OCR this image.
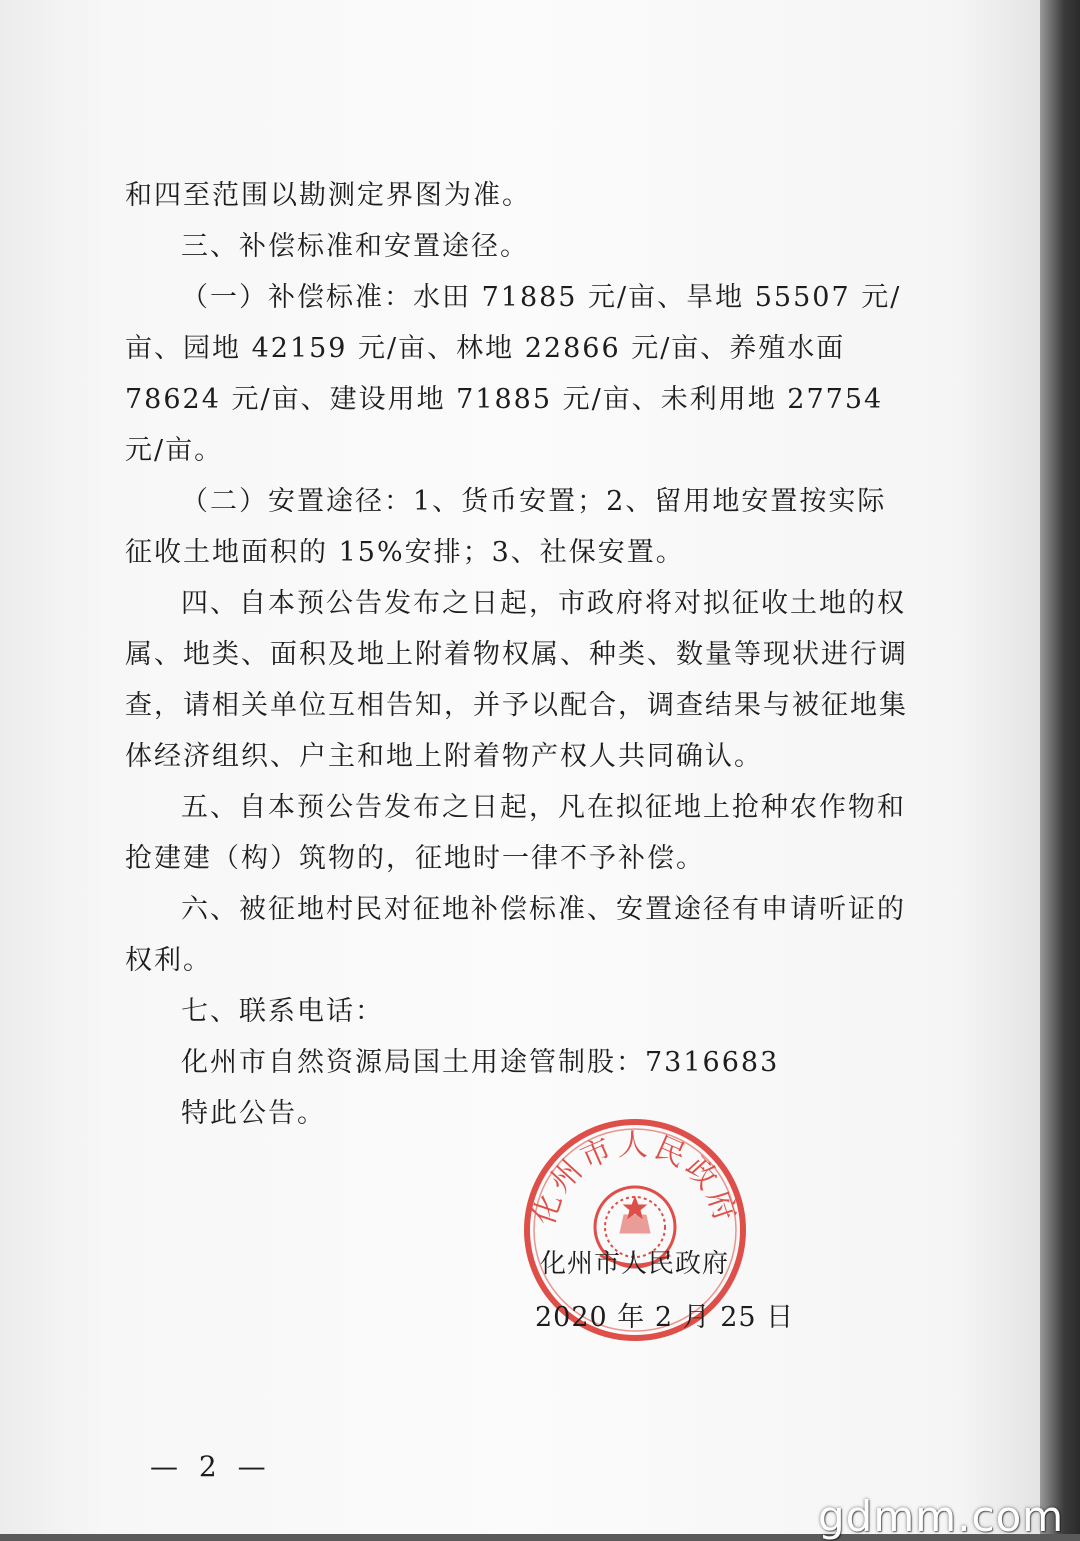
和四至范围以勘测定界图为准。

三、补偿标准和安置途径。

（一）补偿标准：水田 71885 元/亩、旱地 55507 元/亩、园地 42159 元/亩、林地 22866 元/亩、养殖水面 78624 元/亩、建设用地 71885 元/亩、未利用地 27754 元/亩。

（二）安置途径：1、货币安置；2、留用地安置按实际征收土地面积的 15%安排；3、社保安置。

四、自本预公告发布之日起，市政府将对拟征收土地的权属、地类、面积及地上附着物权属、种类、数量等现状进行调查，请相关单位互相告知，并予以配合，调查结果与被征地集体经济组织、户主和地上附着物产权人共同确认。

五、自本预公告发布之日起，凡在拟征地上抢种农作物和抢建建（构）筑物的，征地时一律不予补偿。

六、被征地村民对征地补偿标准、安置途径有申请听证的权利。

七、联系电话：

化州市自然资源局国土用途管制股：7316683

特此公告。

化州市人民政府
化州市人民政府
2020 年 2 月 25 日
— 2 —
gdmm.com
